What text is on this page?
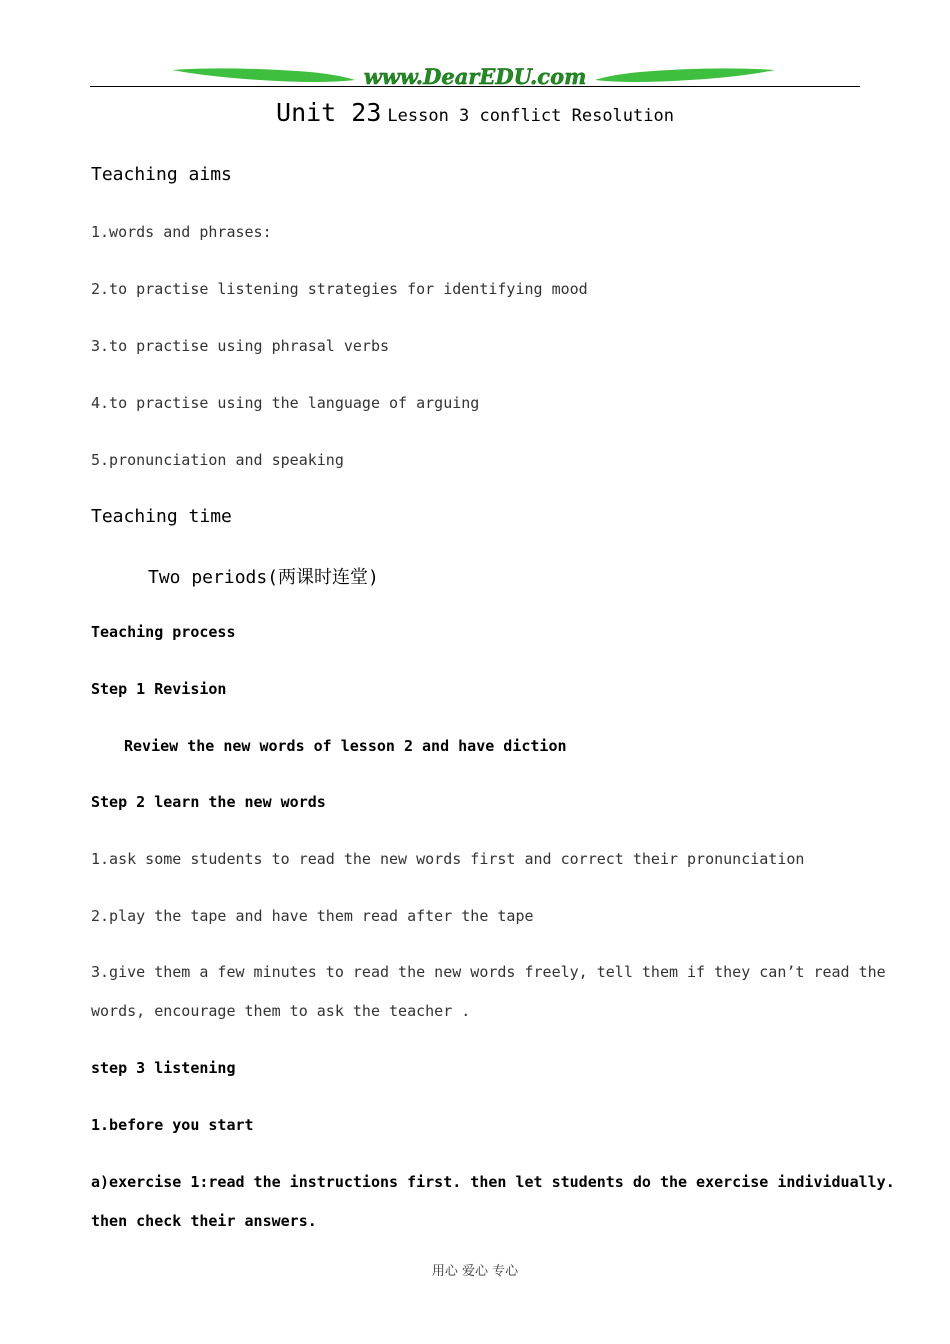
www.DearEDU.com
Unit 23 Lesson 3 conflict Resolution
Teaching aims
1.words and phrases:
2.to practise listening strategies for identifying mood
3.to practise using phrasal verbs
4.to practise using the language of arguing
5.pronunciation and speaking
Teaching time
Two periods(两课时连堂)
Teaching process
Step 1 Revision
Review the new words of lesson 2 and have diction
Step 2 learn the new words
1.ask some students to read the new words first and correct their pronunciation
2.play the tape and have them read after the tape
3.give them a few minutes to read the new words freely, tell them if they can’t read the
words, encourage them to ask the teacher .
step 3 listening
1.before you start
a)exercise 1:read the instructions first. then let students do the exercise individually.
then check their answers.
用心 爱心 专心
